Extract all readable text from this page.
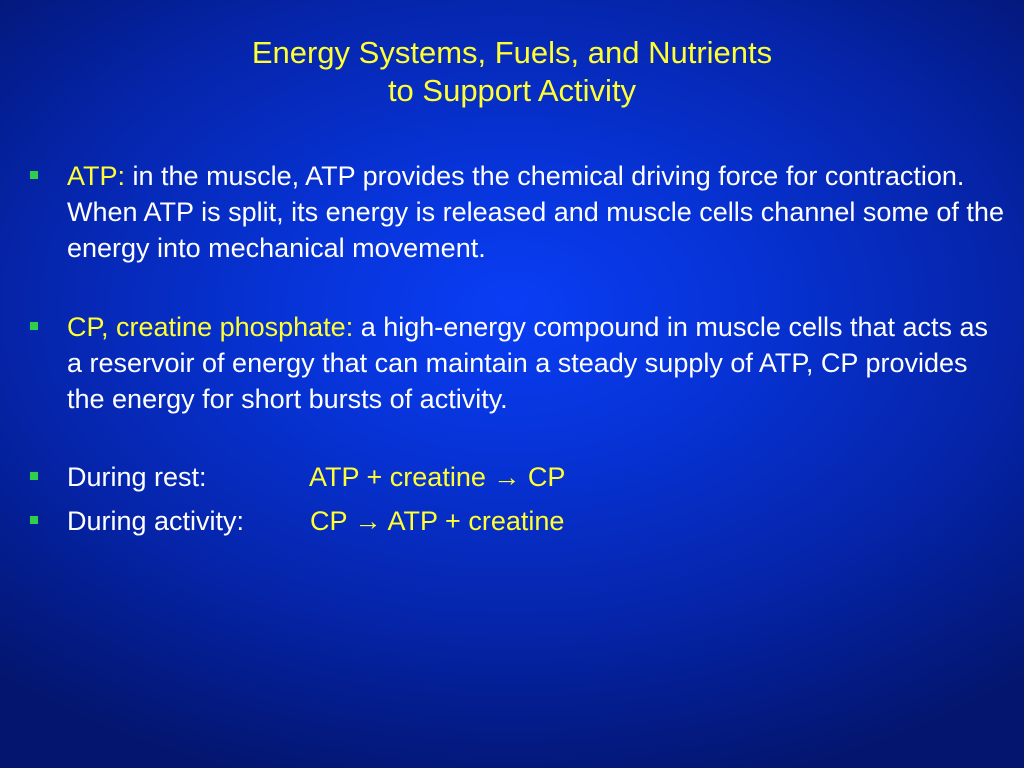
Energy Systems, Fuels, and Nutrients
to Support Activity
ATP: in the muscle, ATP provides the chemical driving force for contraction. When ATP is split, its energy is released and muscle cells channel some of the energy into mechanical movement.
CP, creatine phosphate: a high-energy compound in muscle cells that acts as a reservoir of energy that can maintain a steady supply of ATP, CP provides the energy for short bursts of activity.
During rest:	ATP + creatine → CP
During activity: CP → ATP + creatine
